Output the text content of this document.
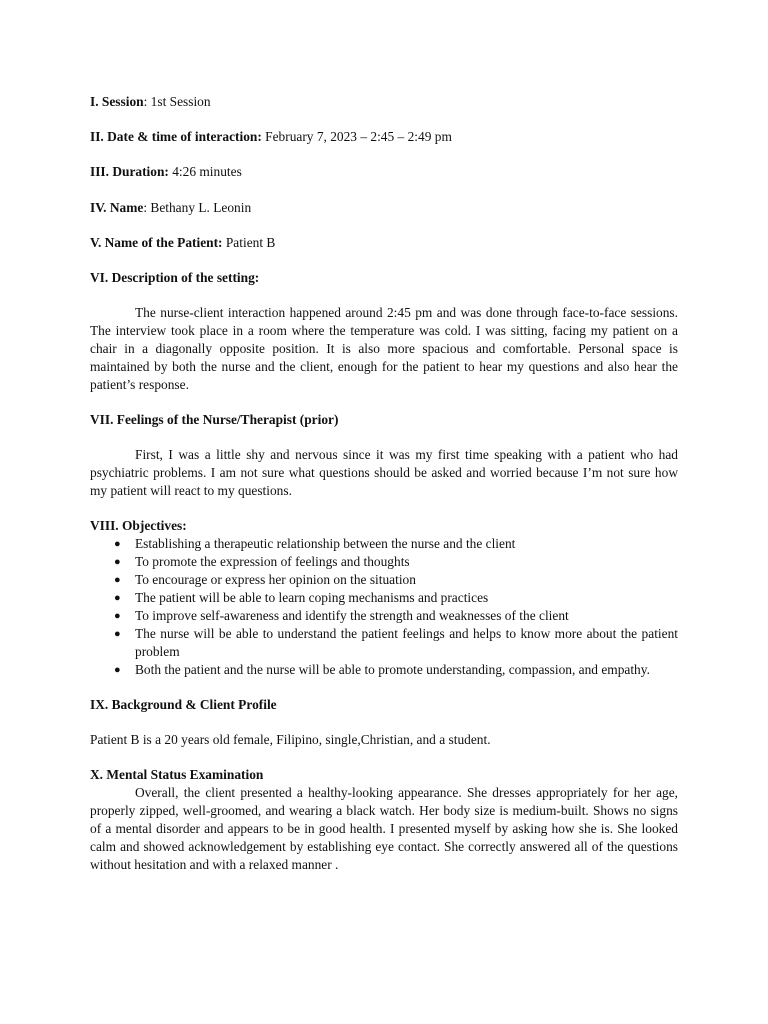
I. Session: 1st Session

II. Date & time of interaction: February 7, 2023 – 2:45 – 2:49 pm

III. Duration: 4:26 minutes

IV. Name: Bethany L. Leonin

V. Name of the Patient: Patient B

VI. Description of the setting:

The nurse-client interaction happened around 2:45 pm and was done through face-to-face sessions. The interview took place in a room where the temperature was cold. I was sitting, facing my patient on a chair in a diagonally opposite position. It is also more spacious and comfortable. Personal space is maintained by both the nurse and the client, enough for the patient to hear my questions and also hear the patient’s response.

VII. Feelings of the Nurse/Therapist (prior)

First, I was a little shy and nervous since it was my first time speaking with a patient who had psychiatric problems. I am not sure what questions should be asked and worried because I’m not sure how my patient will react to my questions.

VIII. Objectives:

● Establishing a therapeutic relationship between the nurse and the client
● To promote the expression of feelings and thoughts
● To encourage or express her opinion on the situation
● The patient will be able to learn coping mechanisms and practices
● To improve self-awareness and identify the strength and weaknesses of the client
● The nurse will be able to understand the patient feelings and helps to know more about the patient problem
● Both the patient and the nurse will be able to promote understanding, compassion, and empathy.

IX. Background & Client Profile

Patient B is a 20 years old female, Filipino, single,Christian, and a student.

X. Mental Status Examination

Overall, the client presented a healthy-looking appearance. She dresses appropriately for her age, properly zipped, well-groomed, and wearing a black watch. Her body size is medium-built. Shows no signs of a mental disorder and appears to be in good health. I presented myself by asking how she is. She looked calm and showed acknowledgement by establishing eye contact. She correctly answered all of the questions without hesitation and with a relaxed manner .
